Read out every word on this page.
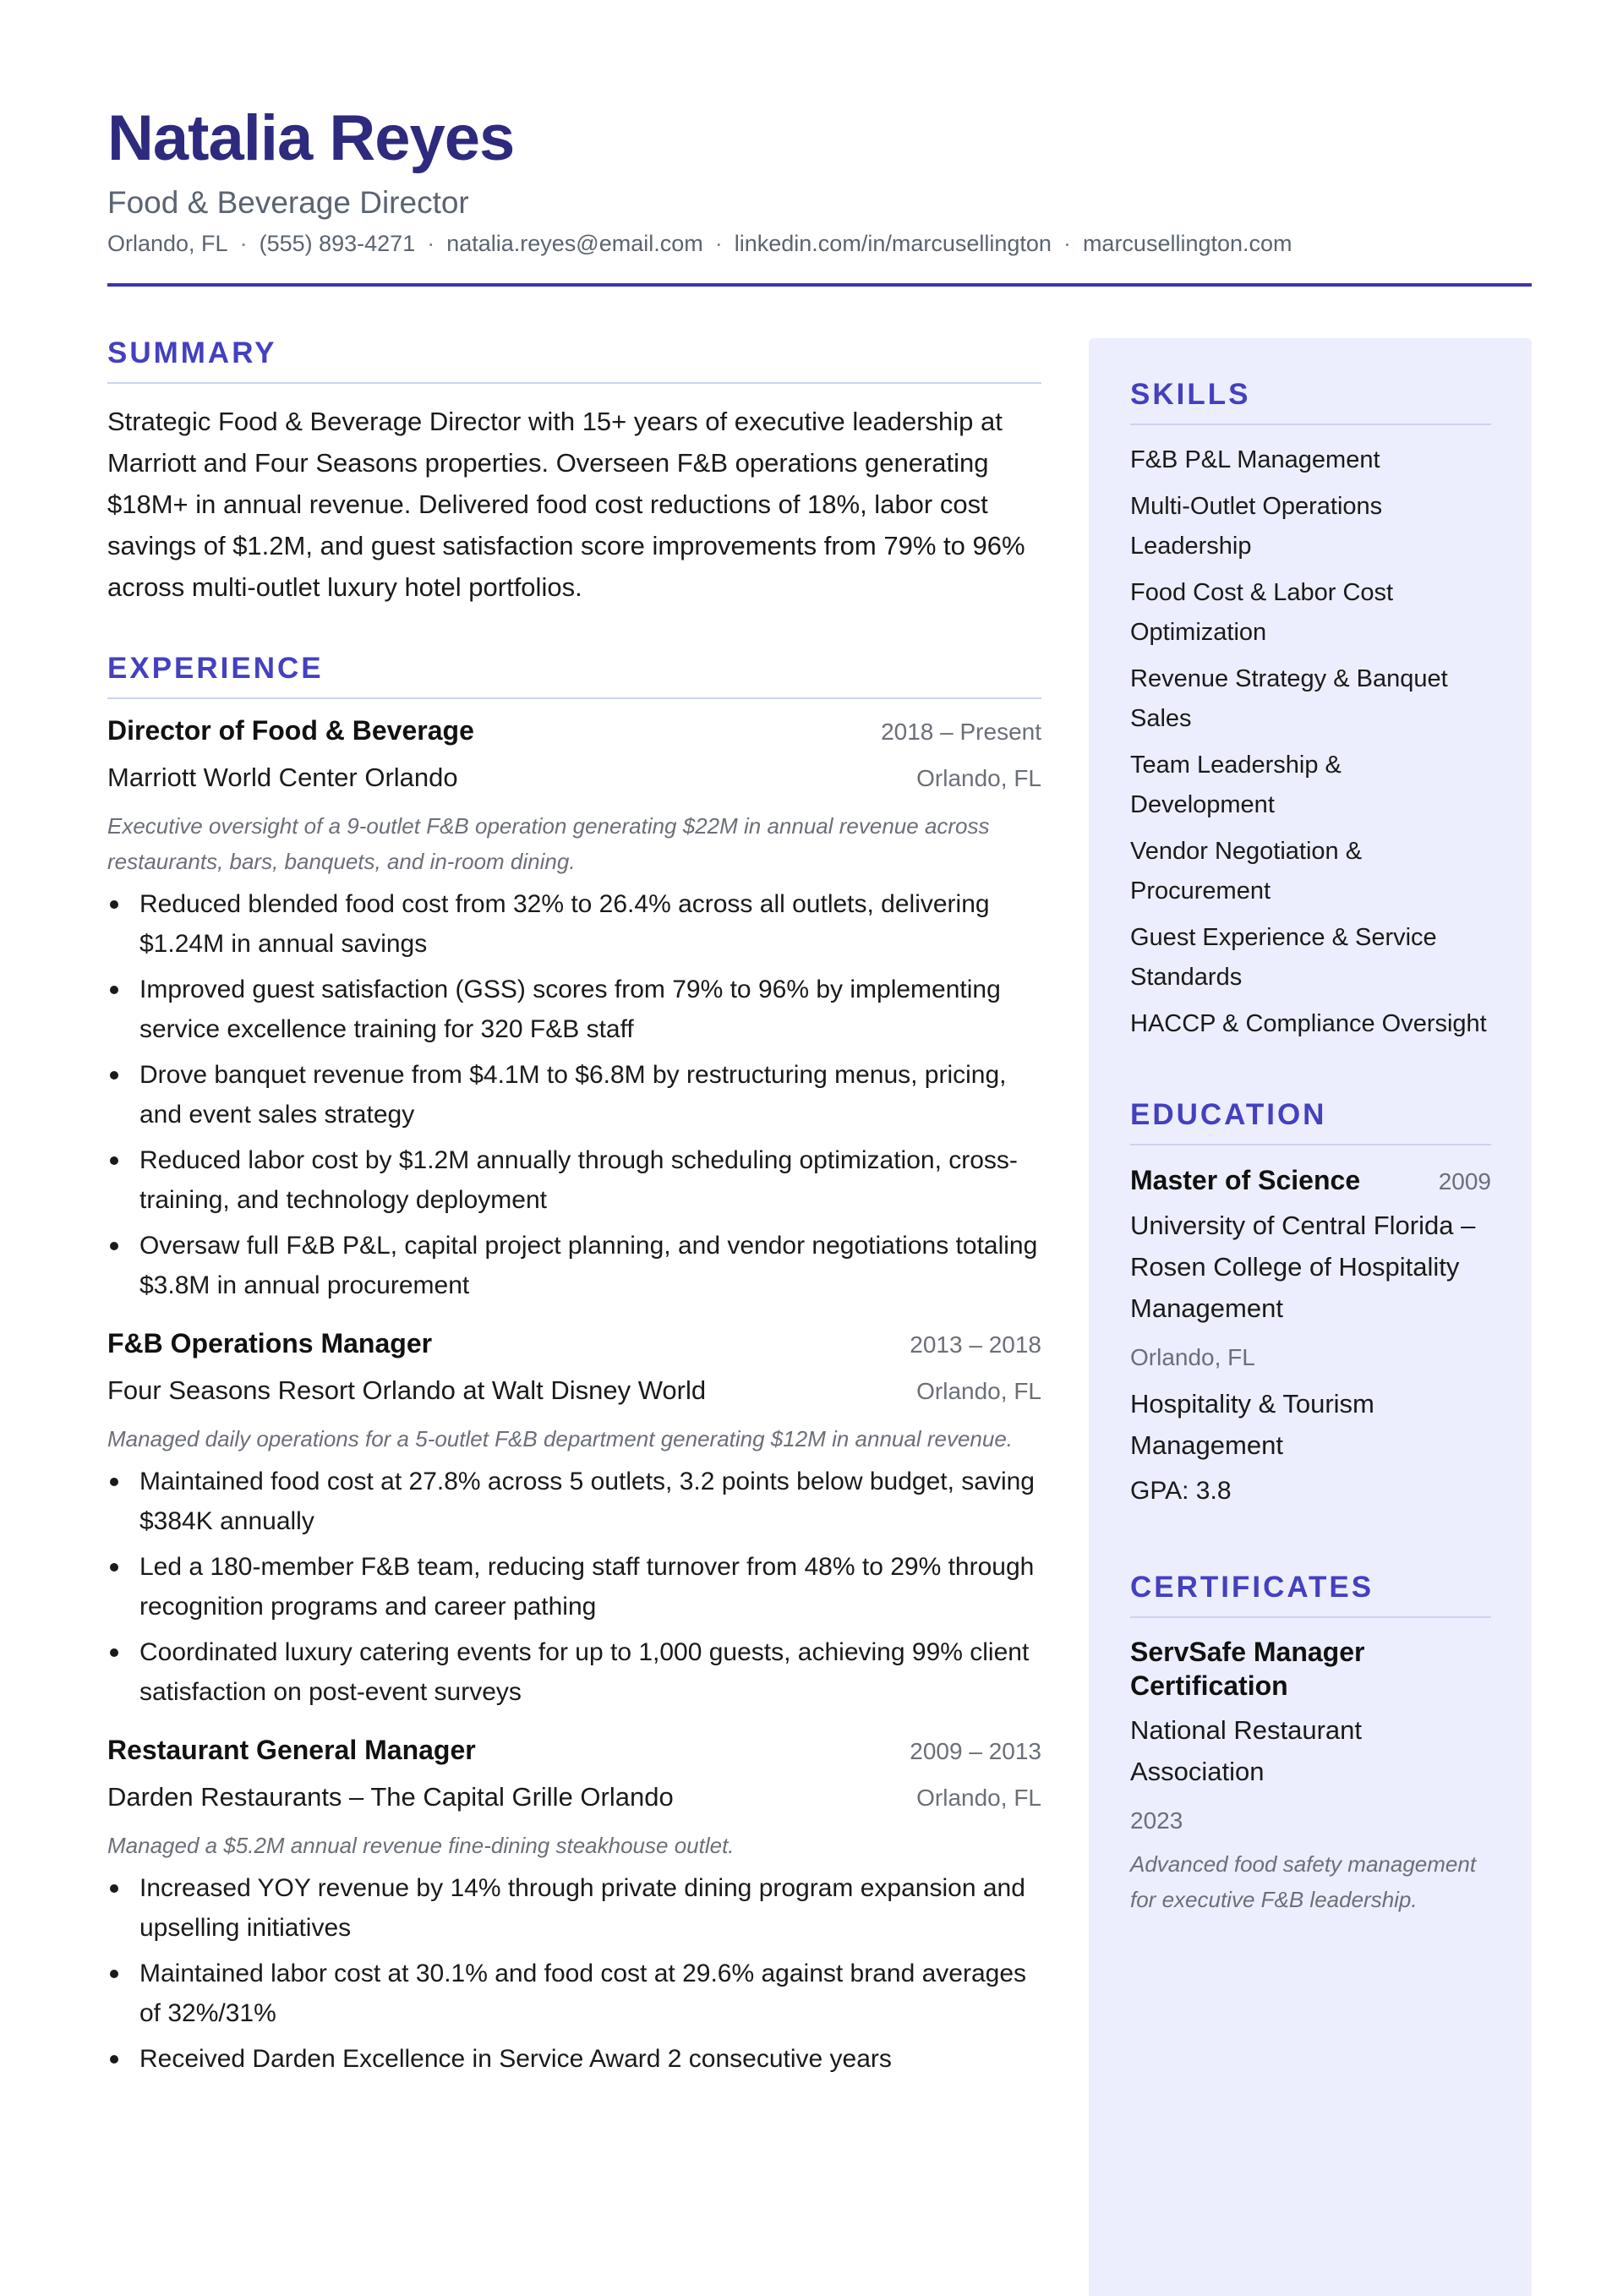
Natalia Reyes
Food & Beverage Director
Orlando, FL · (555) 893-4271 · natalia.reyes@email.com · linkedin.com/in/marcusellington · marcusellington.com
SUMMARY

Strategic Food & Beverage Director with 15+ years of executive leadership at Marriott and Four Seasons properties. Overseen F&B operations generating $18M+ in annual revenue. Delivered food cost reductions of 18%, labor cost savings of $1.2M, and guest satisfaction score improvements from 79% to 96% across multi-outlet luxury hotel portfolios.

EXPERIENCE
Director of Food & Beverage	2018 – Present
Marriott World Center Orlando	Orlando, FL
Executive oversight of a 9-outlet F&B operation generating $22M in annual revenue across restaurants, bars, banquets, and in-room dining.
Reduced blended food cost from 32% to 26.4% across all outlets, delivering $1.24M in annual savings
Improved guest satisfaction (GSS) scores from 79% to 96% by implementing service excellence training for 320 F&B staff
Drove banquet revenue from $4.1M to $6.8M by restructuring menus, pricing, and event sales strategy
Reduced labor cost by $1.2M annually through scheduling optimization, cross-training, and technology deployment
Oversaw full F&B P&L, capital project planning, and vendor negotiations totaling $3.8M in annual procurement
F&B Operations Manager	2013 – 2018
Four Seasons Resort Orlando at Walt Disney World	Orlando, FL
Managed daily operations for a 5-outlet F&B department generating $12M in annual revenue.
Maintained food cost at 27.8% across 5 outlets, 3.2 points below budget, saving $384K annually
Led a 180-member F&B team, reducing staff turnover from 48% to 29% through recognition programs and career pathing
Coordinated luxury catering events for up to 1,000 guests, achieving 99% client satisfaction on post-event surveys
Restaurant General Manager	2009 – 2013
Darden Restaurants – The Capital Grille Orlando	Orlando, FL
Managed a $5.2M annual revenue fine-dining steakhouse outlet.
Increased YOY revenue by 14% through private dining program expansion and upselling initiatives
Maintained labor cost at 30.1% and food cost at 29.6% against brand averages of 32%/31%
Received Darden Excellence in Service Award 2 consecutive years
SKILLS
F&B P&L Management
Multi-Outlet Operations Leadership
Food Cost & Labor Cost Optimization
Revenue Strategy & Banquet Sales
Team Leadership & Development
Vendor Negotiation & Procurement
Guest Experience & Service Standards
HACCP & Compliance Oversight
EDUCATION
Master of Science	2009
University of Central Florida – Rosen College of Hospitality Management
Orlando, FL
Hospitality & Tourism Management
GPA: 3.8
CERTIFICATES
ServSafe Manager Certification
National Restaurant Association
2023
Advanced food safety management for executive F&B leadership.
